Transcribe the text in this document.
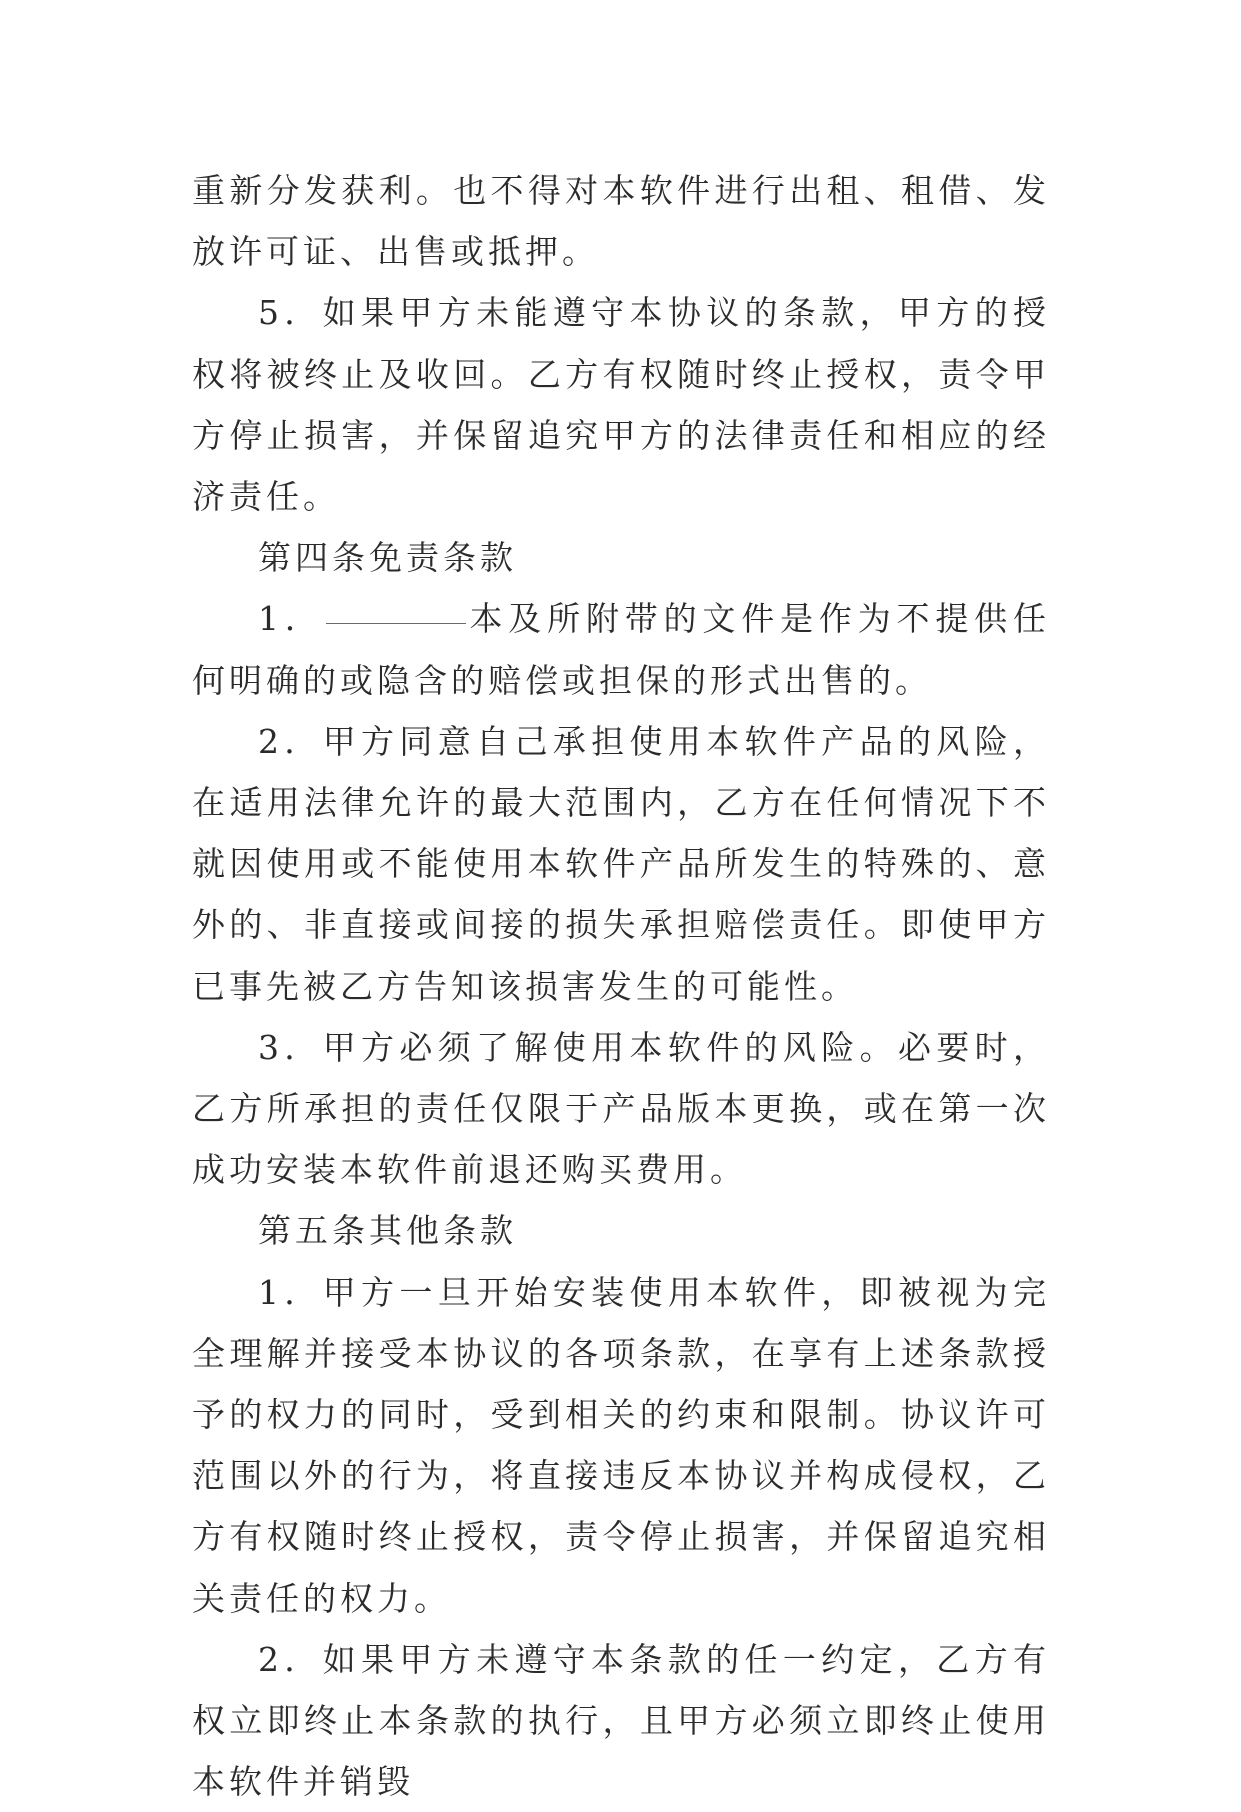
重新分发获利。也不得对本软件进行出租、租借、发放许可证、出售或抵押。

5．如果甲方未能遵守本协议的条款，甲方的授权将被终止及收回。乙方有权随时终止授权，责令甲方停止损害，并保留追究甲方的法律责任和相应的经济责任。

第四条免责条款

1．	本及所附带的文件是作为不提供任何明确的或隐含的赔偿或担保的形式出售的。

2．甲方同意自己承担使用本软件产品的风险，在适用法律允许的最大范围内，乙方在任何情况下不就因使用或不能使用本软件产品所发生的特殊的、意外的、非直接或间接的损失承担赔偿责任。即使甲方已事先被乙方告知该损害发生的可能性。

3．甲方必须了解使用本软件的风险。必要时，乙方所承担的责任仅限于产品版本更换，或在第一次成功安装本软件前退还购买费用。

第五条其他条款

1．甲方一旦开始安装使用本软件，即被视为完全理解并接受本协议的各项条款，在享有上述条款授予的权力的同时，受到相关的约束和限制。协议许可范围以外的行为，将直接违反本协议并构成侵权，乙方有权随时终止授权，责令停止损害，并保留追究相关责任的权力。

2．如果甲方未遵守本条款的任一约定，乙方有权立即终止本条款的执行，且甲方必须立即终止使用本软件并销毁
